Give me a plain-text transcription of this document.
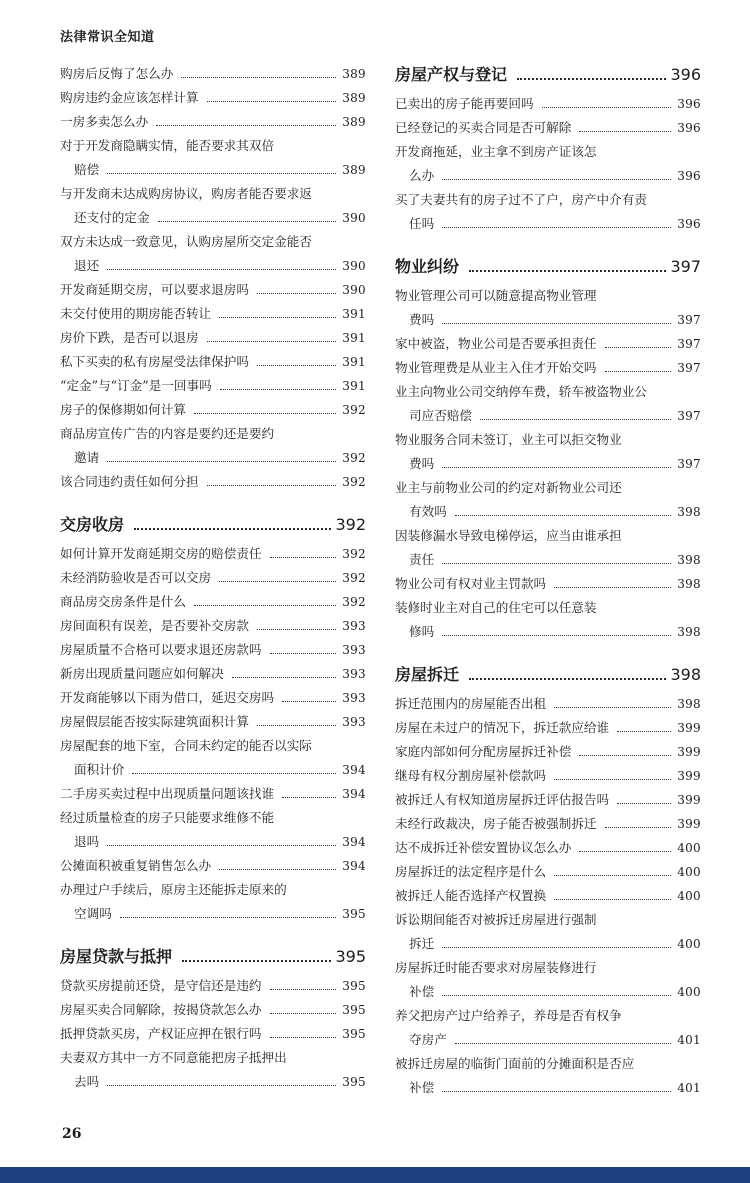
法律常识全知道
购房后反悔了怎么办	389
购房违约金应该怎样计算	389
一房多卖怎么办	389
对于开发商隐瞒实情，能否要求其双倍
赔偿	389
与开发商未达成购房协议，购房者能否要求返
还支付的定金	390
双方未达成一致意见，认购房屋所交定金能否
退还	390
开发商延期交房，可以要求退房吗	390
未交付使用的期房能否转让	391
房价下跌，是否可以退房	391
私下买卖的私有房屋受法律保护吗	391
“定金”与“订金”是一回事吗	391
房子的保修期如何计算	392
商品房宣传广告的内容是要约还是要约
邀请	392
该合同违约责任如何分担	392
交房收房	392
如何计算开发商延期交房的赔偿责任	392
未经消防验收是否可以交房	392
商品房交房条件是什么	392
房间面积有误差，是否要补交房款	393
房屋质量不合格可以要求退还房款吗	393
新房出现质量问题应如何解决	393
开发商能够以下雨为借口，延迟交房吗	393
房屋假层能否按实际建筑面积计算	393
房屋配套的地下室，合同未约定的能否以实际
面积计价	394
二手房买卖过程中出现质量问题该找谁	394
经过质量检查的房子只能要求维修不能
退吗	394
公摊面积被重复销售怎么办	394
办理过户手续后，原房主还能拆走原来的
空调吗	395
房屋贷款与抵押	395
贷款买房提前还贷，是守信还是违约	395
房屋买卖合同解除，按揭贷款怎么办	395
抵押贷款买房，产权证应押在银行吗	395
夫妻双方其中一方不同意能把房子抵押出
去吗	395
房屋产权与登记	396
已卖出的房子能再要回吗	396
已经登记的买卖合同是否可解除	396
开发商拖延，业主拿不到房产证该怎
么办	396
买了夫妻共有的房子过不了户，房产中介有责
任吗	396
物业纠纷	397
物业管理公司可以随意提高物业管理
费吗	397
家中被盗，物业公司是否要承担责任	397
物业管理费是从业主入住才开始交吗	397
业主向物业公司交纳停车费，轿车被盗物业公
司应否赔偿	397
物业服务合同未签订，业主可以拒交物业
费吗	397
业主与前物业公司的约定对新物业公司还
有效吗	398
因装修漏水导致电梯停运，应当由谁承担
责任	398
物业公司有权对业主罚款吗	398
装修时业主对自己的住宅可以任意装
修吗	398
房屋拆迁	398
拆迁范围内的房屋能否出租	398
房屋在未过户的情况下，拆迁款应给谁	399
家庭内部如何分配房屋拆迁补偿	399
继母有权分割房屋补偿款吗	399
被拆迁人有权知道房屋拆迁评估报告吗	399
未经行政裁决，房子能否被强制拆迁	399
达不成拆迁补偿安置协议怎么办	400
房屋拆迁的法定程序是什么	400
被拆迁人能否选择产权置换	400
诉讼期间能否对被拆迁房屋进行强制
拆迁	400
房屋拆迁时能否要求对房屋装修进行
补偿	400
养父把房产过户给养子，养母是否有权争
夺房产	401
被拆迁房屋的临街门面前的分摊面积是否应
补偿	401
26
